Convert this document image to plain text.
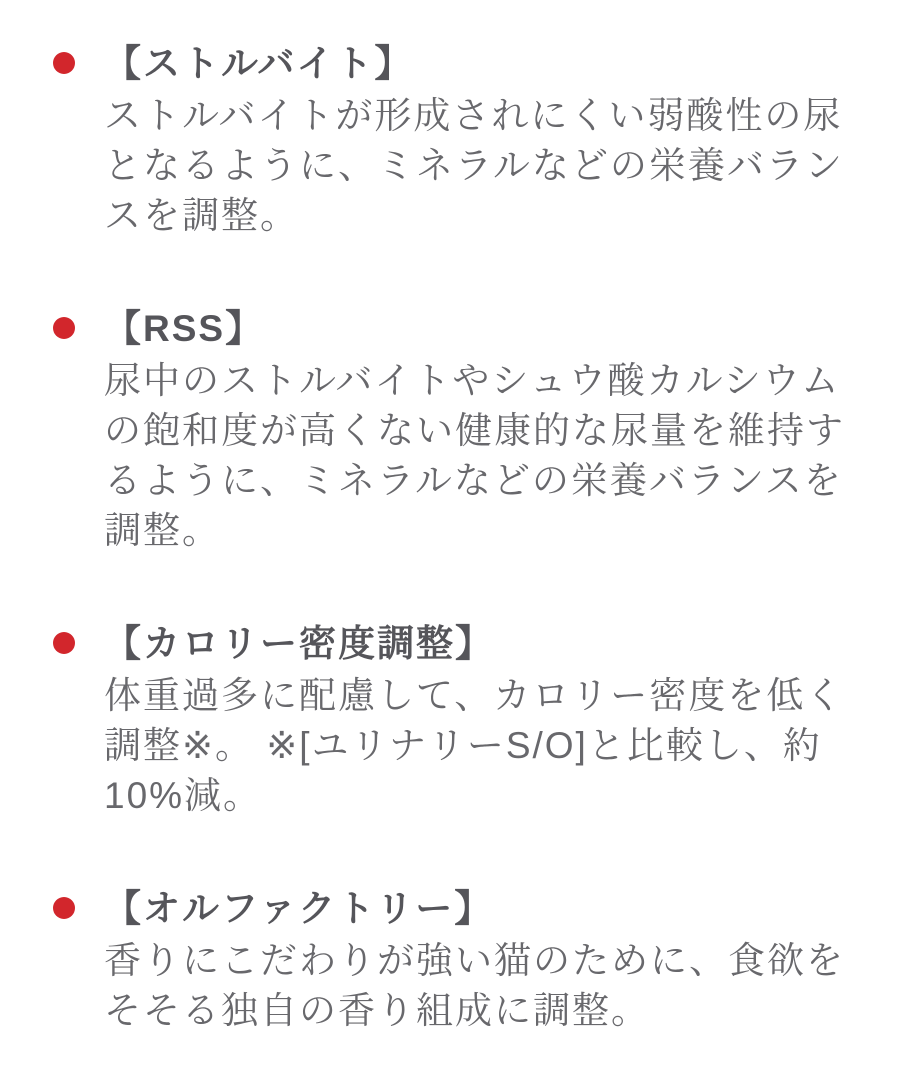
【ストルバイト】
ストルバイトが形成されにくい弱酸性の尿となるように、ミネラルなどの栄養バランスを調整。
【RSS】
尿中のストルバイトやシュウ酸カルシウムの飽和度が高くない健康的な尿量を維持するように、ミネラルなどの栄養バランスを調整。
【カロリー密度調整】
体重過多に配慮して、カロリー密度を低く調整※。 ※[ユリナリーS/O]と比較し、約10%減。
【オルファクトリー】
香りにこだわりが強い猫のために、食欲をそそる独自の香り組成に調整。
